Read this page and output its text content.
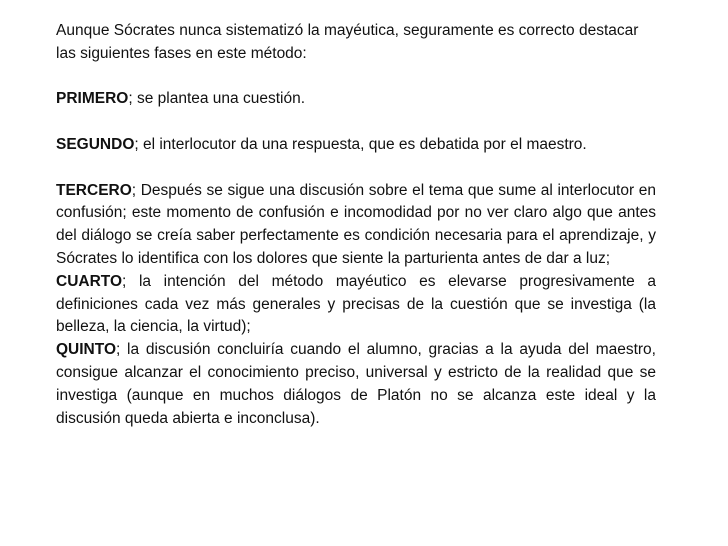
Aunque Sócrates nunca sistematizó la mayéutica, seguramente es correcto destacar las siguientes fases en este método:

PRIMERO; se plantea una cuestión.

SEGUNDO; el interlocutor da una respuesta, que es debatida por el maestro.

TERCERO; Después se sigue una discusión sobre el tema que sume al interlocutor en confusión; este momento de confusión e incomodidad por no ver claro algo que antes del diálogo se creía saber perfectamente es condición necesaria para el aprendizaje, y Sócrates lo identifica con los dolores que siente la parturienta antes de dar a luz;

CUARTO; la intención del método mayéutico es elevarse progresivamente a definiciones cada vez más generales y precisas de la cuestión que se investiga (la belleza, la ciencia, la virtud);

QUINTO; la discusión concluiría cuando el alumno, gracias a la ayuda del maestro, consigue alcanzar el conocimiento preciso, universal y estricto de la realidad que se investiga (aunque en muchos diálogos de Platón no se alcanza este ideal y la discusión queda abierta e inconclusa).
